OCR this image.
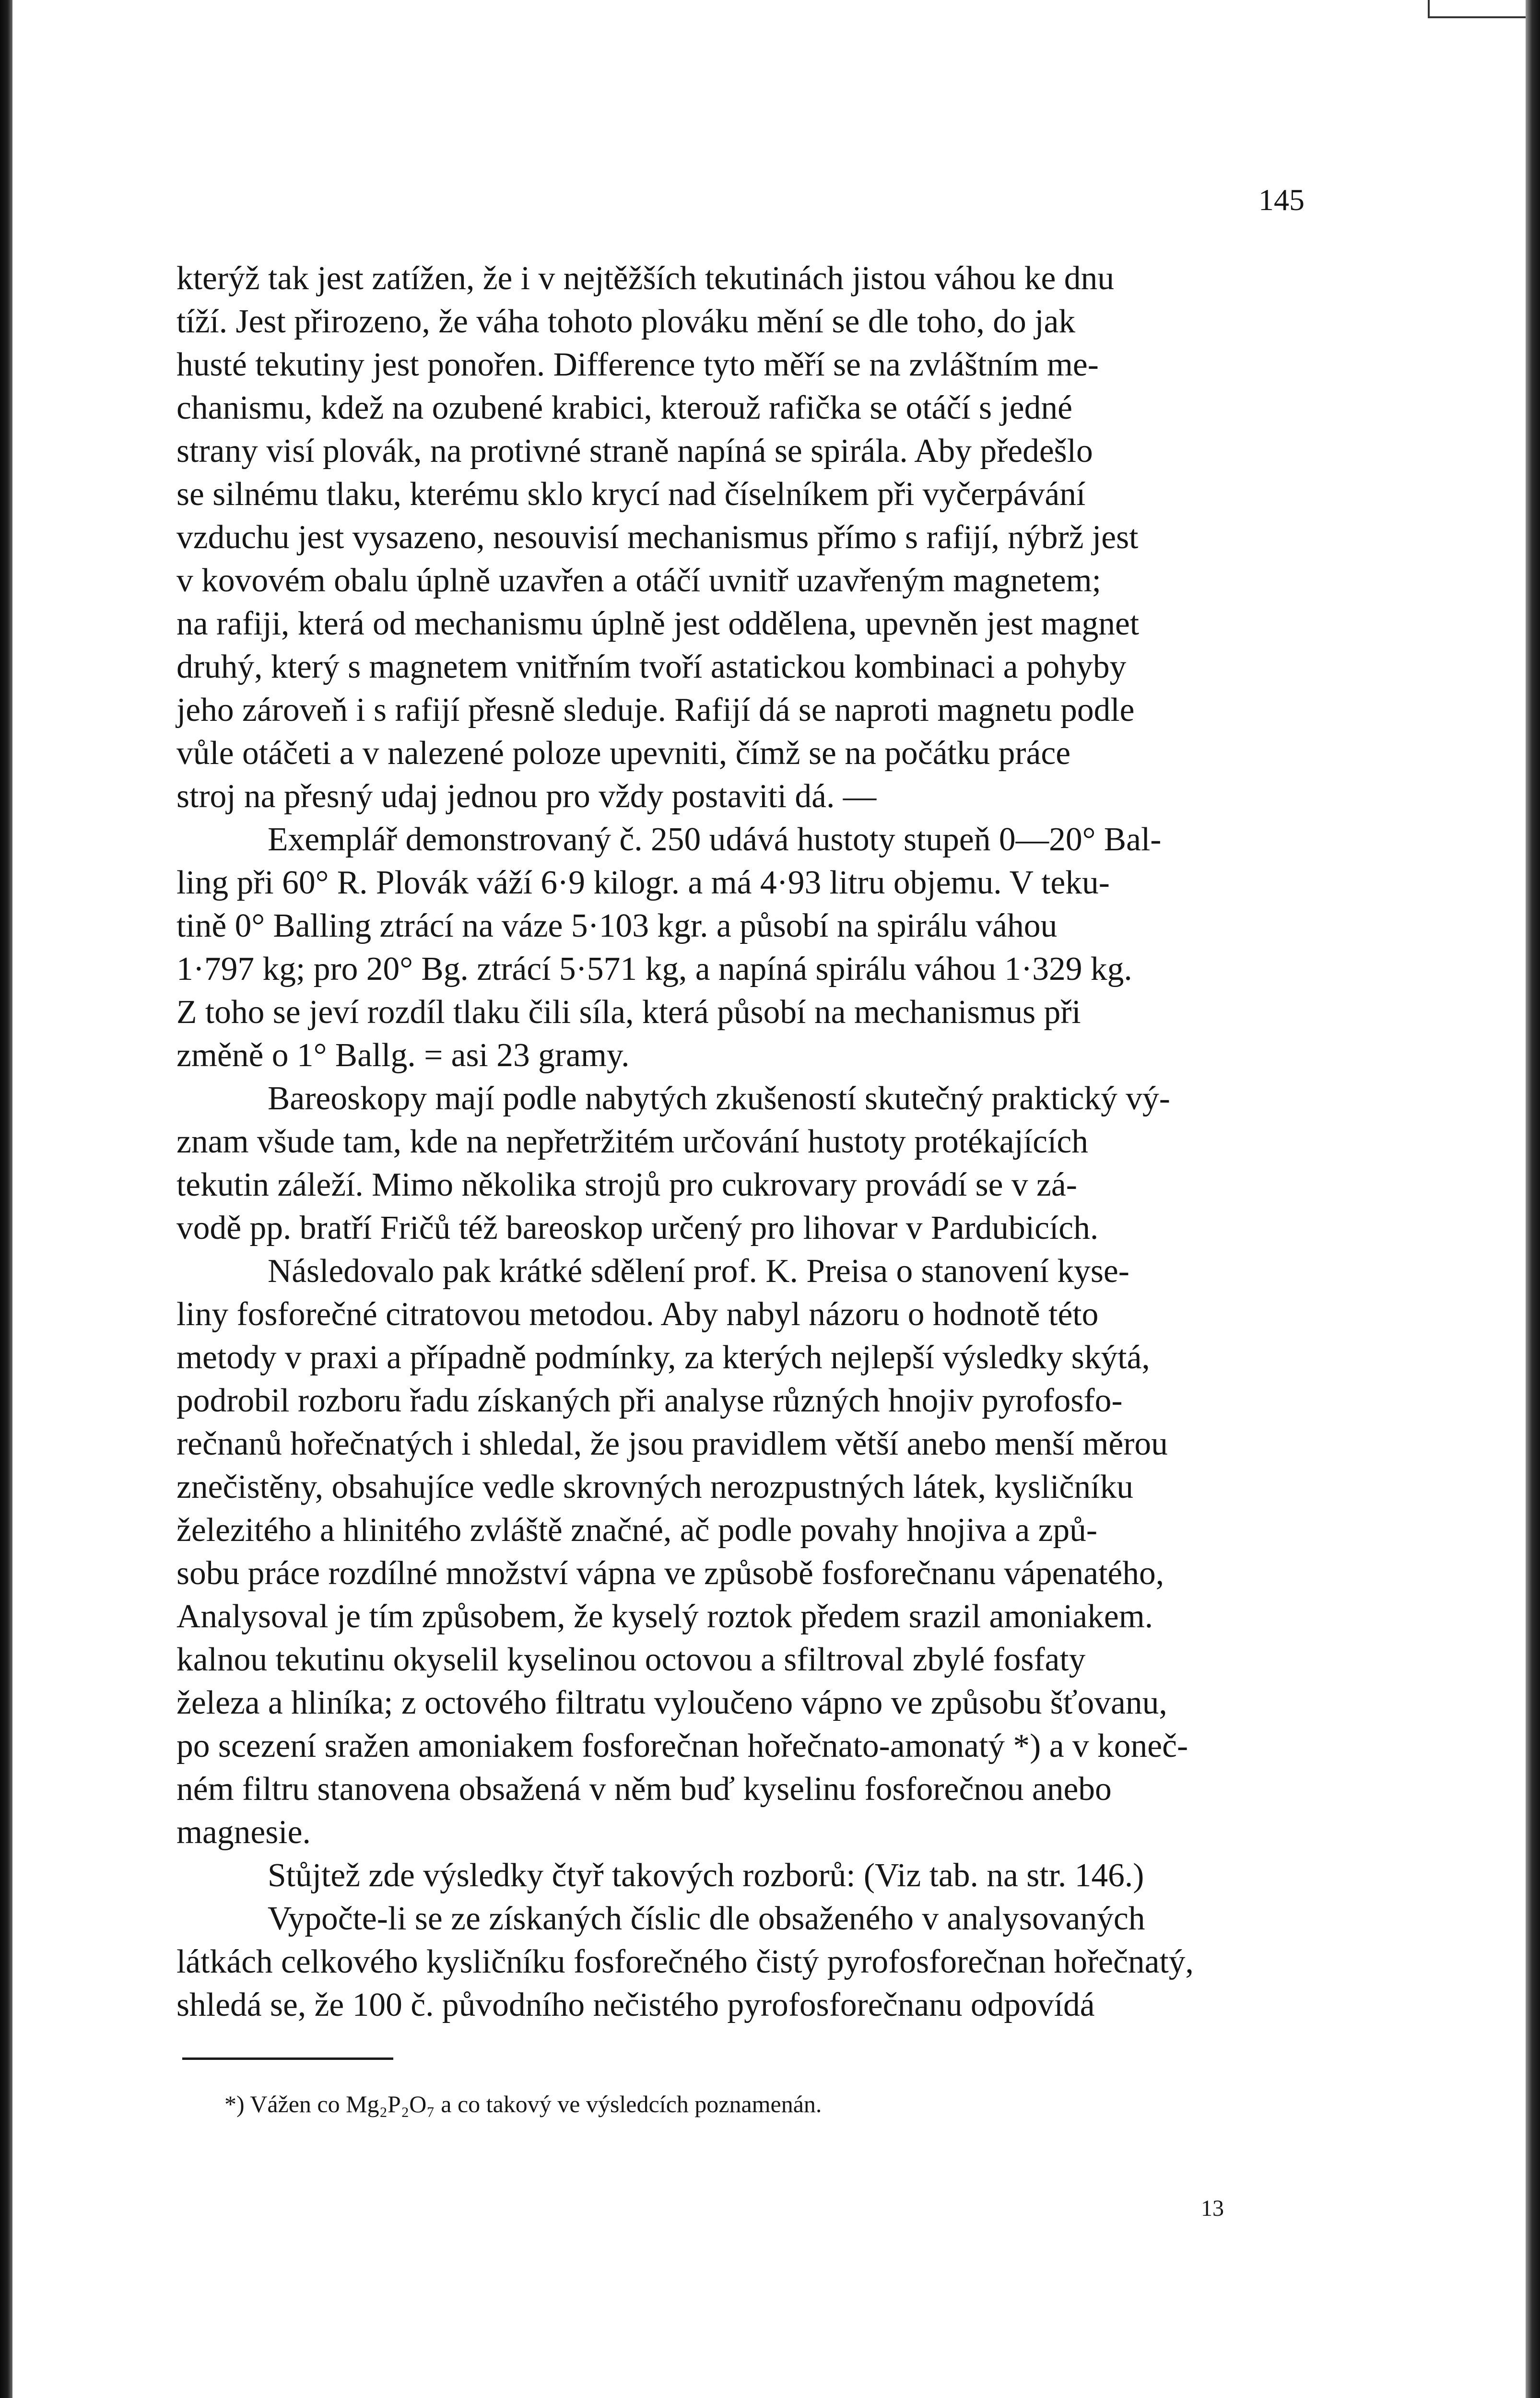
145
kterýž tak jest zatížen, že i v nejtěžších tekutinách jistou váhou ke dnu
tíží. Jest přirozeno, že váha tohoto plováku mění se dle toho, do jak
husté tekutiny jest ponořen. Difference tyto měří se na zvláštním me-
chanismu, kdež na ozubené krabici, kterouž rafička se otáčí s jedné
strany visí plovák, na protivné straně napíná se spirála. Aby předešlo
se silnému tlaku, kterému sklo krycí nad číselníkem při vyčerpávání
vzduchu jest vysazeno, nesouvisí mechanismus přímo s rafijí, nýbrž jest
v kovovém obalu úplně uzavřen a otáčí uvnitř uzavřeným magnetem;
na rafiji, která od mechanismu úplně jest oddělena, upevněn jest magnet
druhý, který s magnetem vnitřním tvoří astatickou kombinaci a pohyby
jeho zároveň i s rafijí přesně sleduje. Rafijí dá se naproti magnetu podle
vůle otáčeti a v nalezené poloze upevniti, čímž se na počátku práce
stroj na přesný udaj jednou pro vždy postaviti dá. —
Exemplář demonstrovaný č. 250 udává hustoty stupeň 0—20° Bal-
ling při 60° R. Plovák váží 6·9 kilogr. a má 4·93 litru objemu. V teku-
tině 0° Balling ztrácí na váze 5·103 kgr. a působí na spirálu váhou
1·797 kg; pro 20° Bg. ztrácí 5·571 kg, a napíná spirálu váhou 1·329 kg.
Z toho se jeví rozdíl tlaku čili síla, která působí na mechanismus při
změně o 1° Ballg. = asi 23 gramy.
Bareoskopy mají podle nabytých zkušeností skutečný praktický vý-
znam všude tam, kde na nepřetržitém určování hustoty protékajících
tekutin záleží. Mimo několika strojů pro cukrovary provádí se v zá-
vodě pp. bratří Fričů též bareoskop určený pro lihovar v Pardubicích.
Následovalo pak krátké sdělení prof. K. Preisa o stanovení kyse-
liny fosforečné citratovou metodou. Aby nabyl názoru o hodnotě této
metody v praxi a případně podmínky, za kterých nejlepší výsledky skýtá,
podrobil rozboru řadu získaných při analyse různých hnojiv pyrofosfo-
rečnanů hořečnatých i shledal, že jsou pravidlem větší anebo menší měrou
znečistěny, obsahujíce vedle skrovných nerozpustných látek, kysličníku
železitého a hlinitého zvláště značné, ač podle povahy hnojiva a způ-
sobu práce rozdílné množství vápna ve způsobě fosforečnanu vápenatého,
Analysoval je tím způsobem, že kyselý roztok předem srazil amoniakem.
kalnou tekutinu okyselil kyselinou octovou a sfiltroval zbylé fosfaty
železa a hliníka; z octového filtratu vyloučeno vápno ve způsobu šťovanu,
po scezení sražen amoniakem fosforečnan hořečnato-amonatý *) a v koneč-
ném filtru stanovena obsažená v něm buď kyselinu fosforečnou anebo
magnesie.
Stůjtež zde výsledky čtyř takových rozborů: (Viz tab. na str. 146.)
Vypočte-li se ze získaných číslic dle obsaženého v analysovaných
látkách celkového kysličníku fosforečného čistý pyrofosforečnan hořečnatý,
shledá se, že 100 č. původního nečistého pyrofosforečnanu odpovídá
*) Vážen co Mg₂P₂O₇ a co takový ve výsledcích poznamenán.
13
